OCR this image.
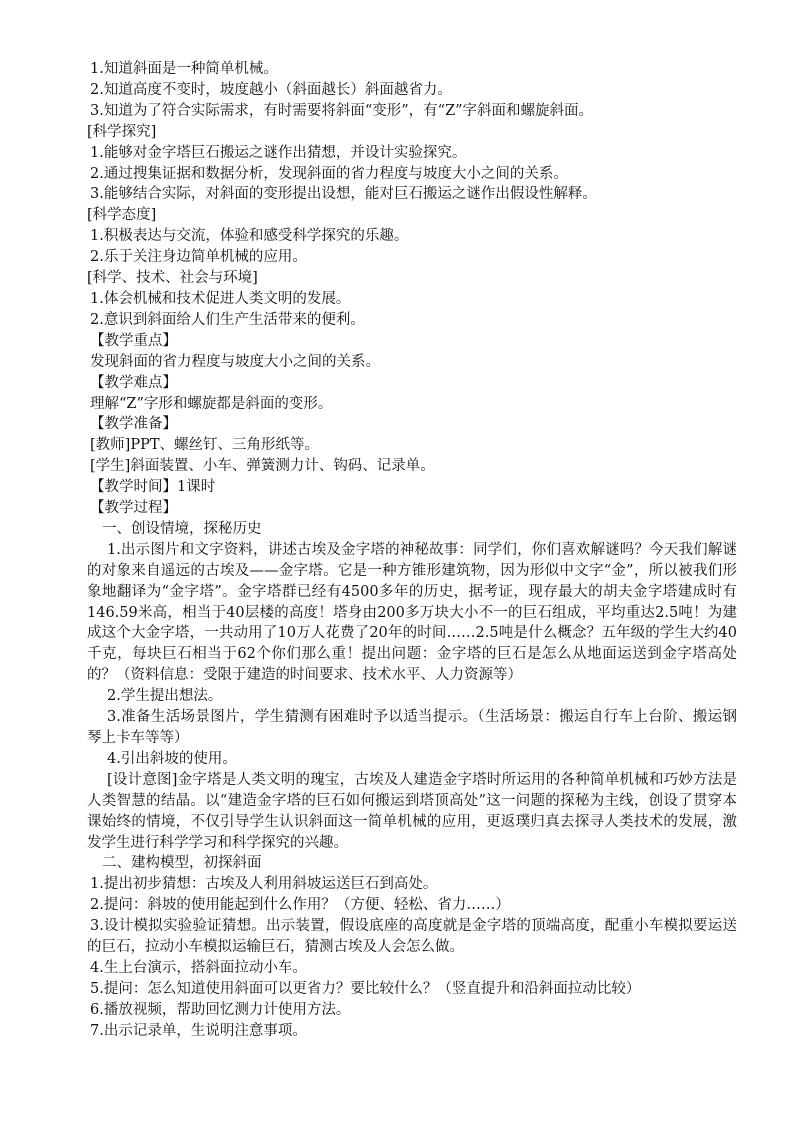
1.知道斜面是一种简单机械。

2.知道高度不变时，坡度越小（斜面越长）斜面越省力。

3.知道为了符合实际需求，有时需要将斜面“变形”，有“Z”字斜面和螺旋斜面。

[科学探究]

1.能够对金字塔巨石搬运之谜作出猜想，并设计实验探究。

2.通过搜集证据和数据分析，发现斜面的省力程度与坡度大小之间的关系。

3.能够结合实际，对斜面的变形提出设想，能对巨石搬运之谜作出假设性解释。

[科学态度]

1.积极表达与交流，体验和感受科学探究的乐趣。

2.乐于关注身边简单机械的应用。

[科学、技术、社会与环境]

1.体会机械和技术促进人类文明的发展。

2.意识到斜面给人们生产生活带来的便利。

【教学重点】

发现斜面的省力程度与坡度大小之间的关系。

【教学难点】

理解“Z”字形和螺旋都是斜面的变形。

【教学准备】

[教师]PPT、螺丝钉、三角形纸等。

[学生]斜面装置、小车、弹簧测力计、钩码、记录单。

【教学时间】1课时

【教学过程】

一、创设情境，探秘历史

1.出示图片和文字资料，讲述古埃及金字塔的神秘故事：同学们，你们喜欢解谜吗？今天我们解谜的对象来自遥远的古埃及——金字塔。它是一种方锥形建筑物，因为形似中文字“金”，所以被我们形象地翻译为“金字塔”。金字塔群已经有4500多年的历史，据考证，现存最大的胡夫金字塔建成时有146.59米高，相当于40层楼的高度！塔身由200多万块大小不一的巨石组成，平均重达2.5吨！为建成这个大金字塔，一共动用了10万人花费了20年的时间……2.5吨是什么概念？五年级的学生大约40千克，每块巨石相当于62个你们那么重！提出问题：金字塔的巨石是怎么从地面运送到金字塔高处的？（资料信息：受限于建造的时间要求、技术水平、人力资源等）

2.学生提出想法。

3.准备生活场景图片，学生猜测有困难时予以适当提示。（生活场景：搬运自行车上台阶、搬运钢琴上卡车等等）

4.引出斜坡的使用。

[设计意图]金字塔是人类文明的瑰宝，古埃及人建造金字塔时所运用的各种简单机械和巧妙方法是人类智慧的结晶。以“建造金字塔的巨石如何搬运到塔顶高处”这一问题的探秘为主线，创设了贯穿本课始终的情境，不仅引导学生认识斜面这一简单机械的应用，更返璞归真去探寻人类技术的发展，激发学生进行科学学习和科学探究的兴趣。

二、建构模型，初探斜面

1.提出初步猜想：古埃及人利用斜坡运送巨石到高处。

2.提问：斜坡的使用能起到什么作用？（方便、轻松、省力……）

3.设计模拟实验验证猜想。出示装置，假设底座的高度就是金字塔的顶端高度，配重小车模拟要运送的巨石，拉动小车模拟运输巨石，猜测古埃及人会怎么做。

4.生上台演示，搭斜面拉动小车。

5.提问：怎么知道使用斜面可以更省力？要比较什么？（竖直提升和沿斜面拉动比较）

6.播放视频，帮助回忆测力计使用方法。

7.出示记录单，生说明注意事项。
